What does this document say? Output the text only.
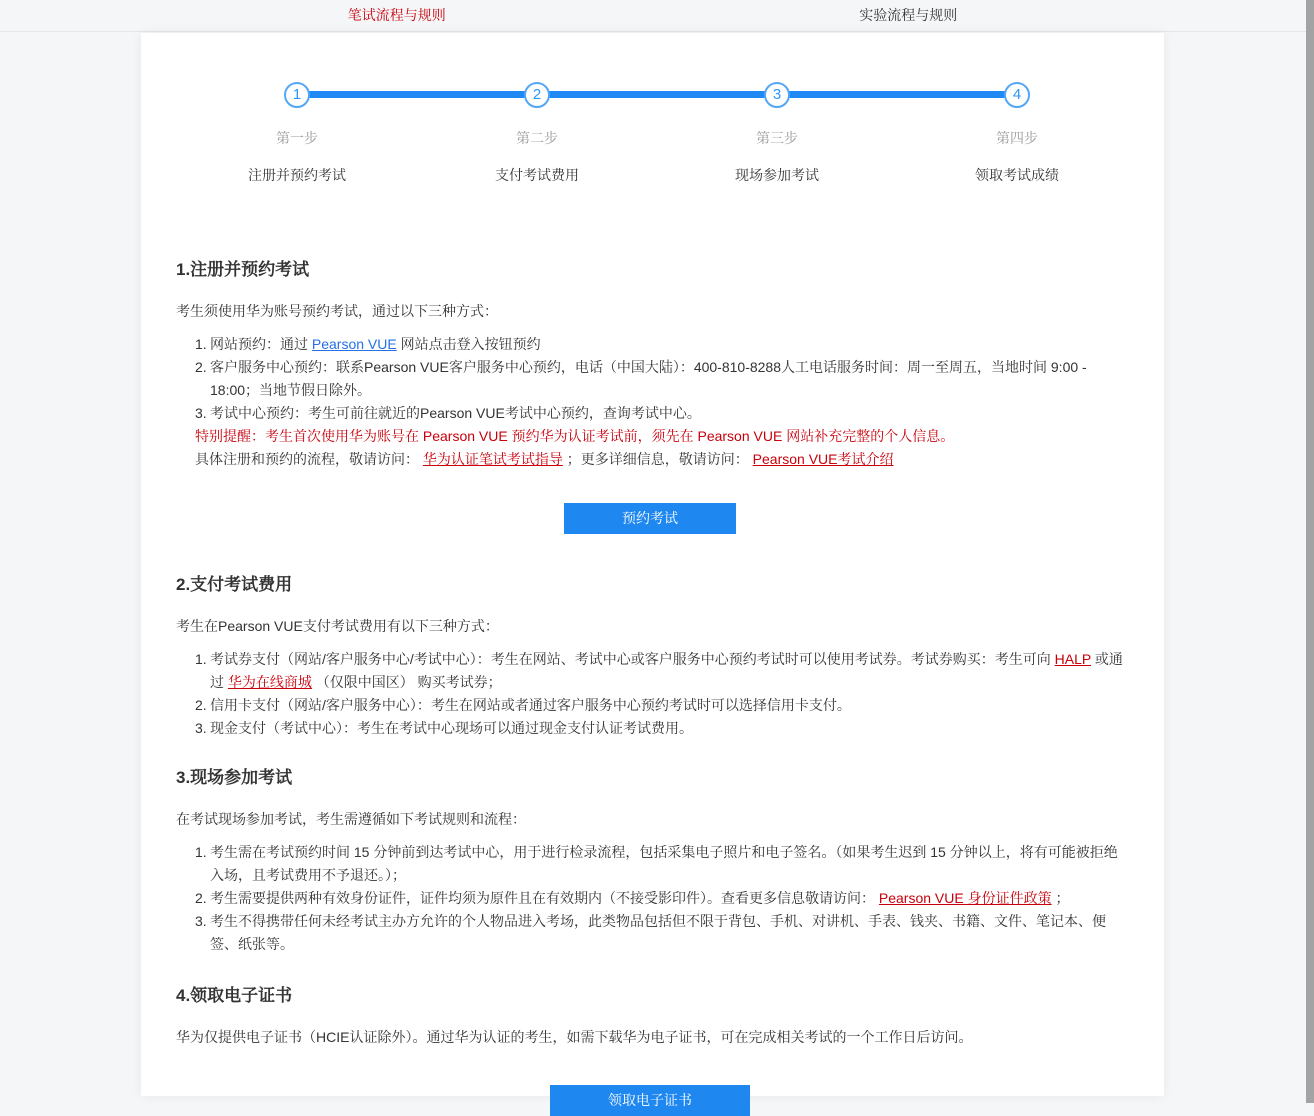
笔试流程与规则	实验流程与规则
1
第一步
注册并预约考试
2
第二步
支付考试费用
3
第三步
现场参加考试
4
第四步
领取考试成绩
1.注册并预约考试

考生须使用华为账号预约考试，通过以下三种方式：

网站预约：通过 Pearson VUE 网站点击登入按钮预约
客户服务中心预约：联系Pearson VUE客户服务中心预约，电话（中国大陆）：400-810-8288人工电话服务时间：周一至周五，当地时间 9:00 - 18:00；当地节假日除外。
考试中心预约：考生可前往就近的Pearson VUE考试中心预约，查询考试中心。
特别提醒：考生首次使用华为账号在 Pearson VUE 预约华为认证考试前，须先在 Pearson VUE 网站补充完整的个人信息。
具体注册和预约的流程，敬请访问： 华为认证笔试考试指导 ；更多详细信息，敬请访问： Pearson VUE考试介绍
预约考试
2.支付考试费用

考生在Pearson VUE支付考试费用有以下三种方式：

考试券支付（网站/客户服务中心/考试中心）：考生在网站、考试中心或客户服务中心预约考试时可以使用考试券。考试券购买：考生可向 HALP 或通过 华为在线商城 （仅限中国区） 购买考试券；
信用卡支付（网站/客户服务中心）：考生在网站或者通过客户服务中心预约考试时可以选择信用卡支付。
现金支付（考试中心）：考生在考试中心现场可以通过现金支付认证考试费用。
3.现场参加考试

在考试现场参加考试，考生需遵循如下考试规则和流程：

考生需在考试预约时间 15 分钟前到达考试中心，用于进行检录流程，包括采集电子照片和电子签名。（如果考生迟到 15 分钟以上，将有可能被拒绝入场，且考试费用不予退还。）；
考生需要提供两种有效身份证件，证件均须为原件且在有效期内（不接受影印件）。查看更多信息敬请访问： Pearson VUE 身份证件政策 ；
考生不得携带任何未经考试主办方允许的个人物品进入考场，此类物品包括但不限于背包、手机、对讲机、手表、钱夹、书籍、文件、笔记本、便签、纸张等。
4.领取电子证书

华为仅提供电子证书（HCIE认证除外）。通过华为认证的考生，如需下载华为电子证书，可在完成相关考试的一个工作日后访问。

领取电子证书
